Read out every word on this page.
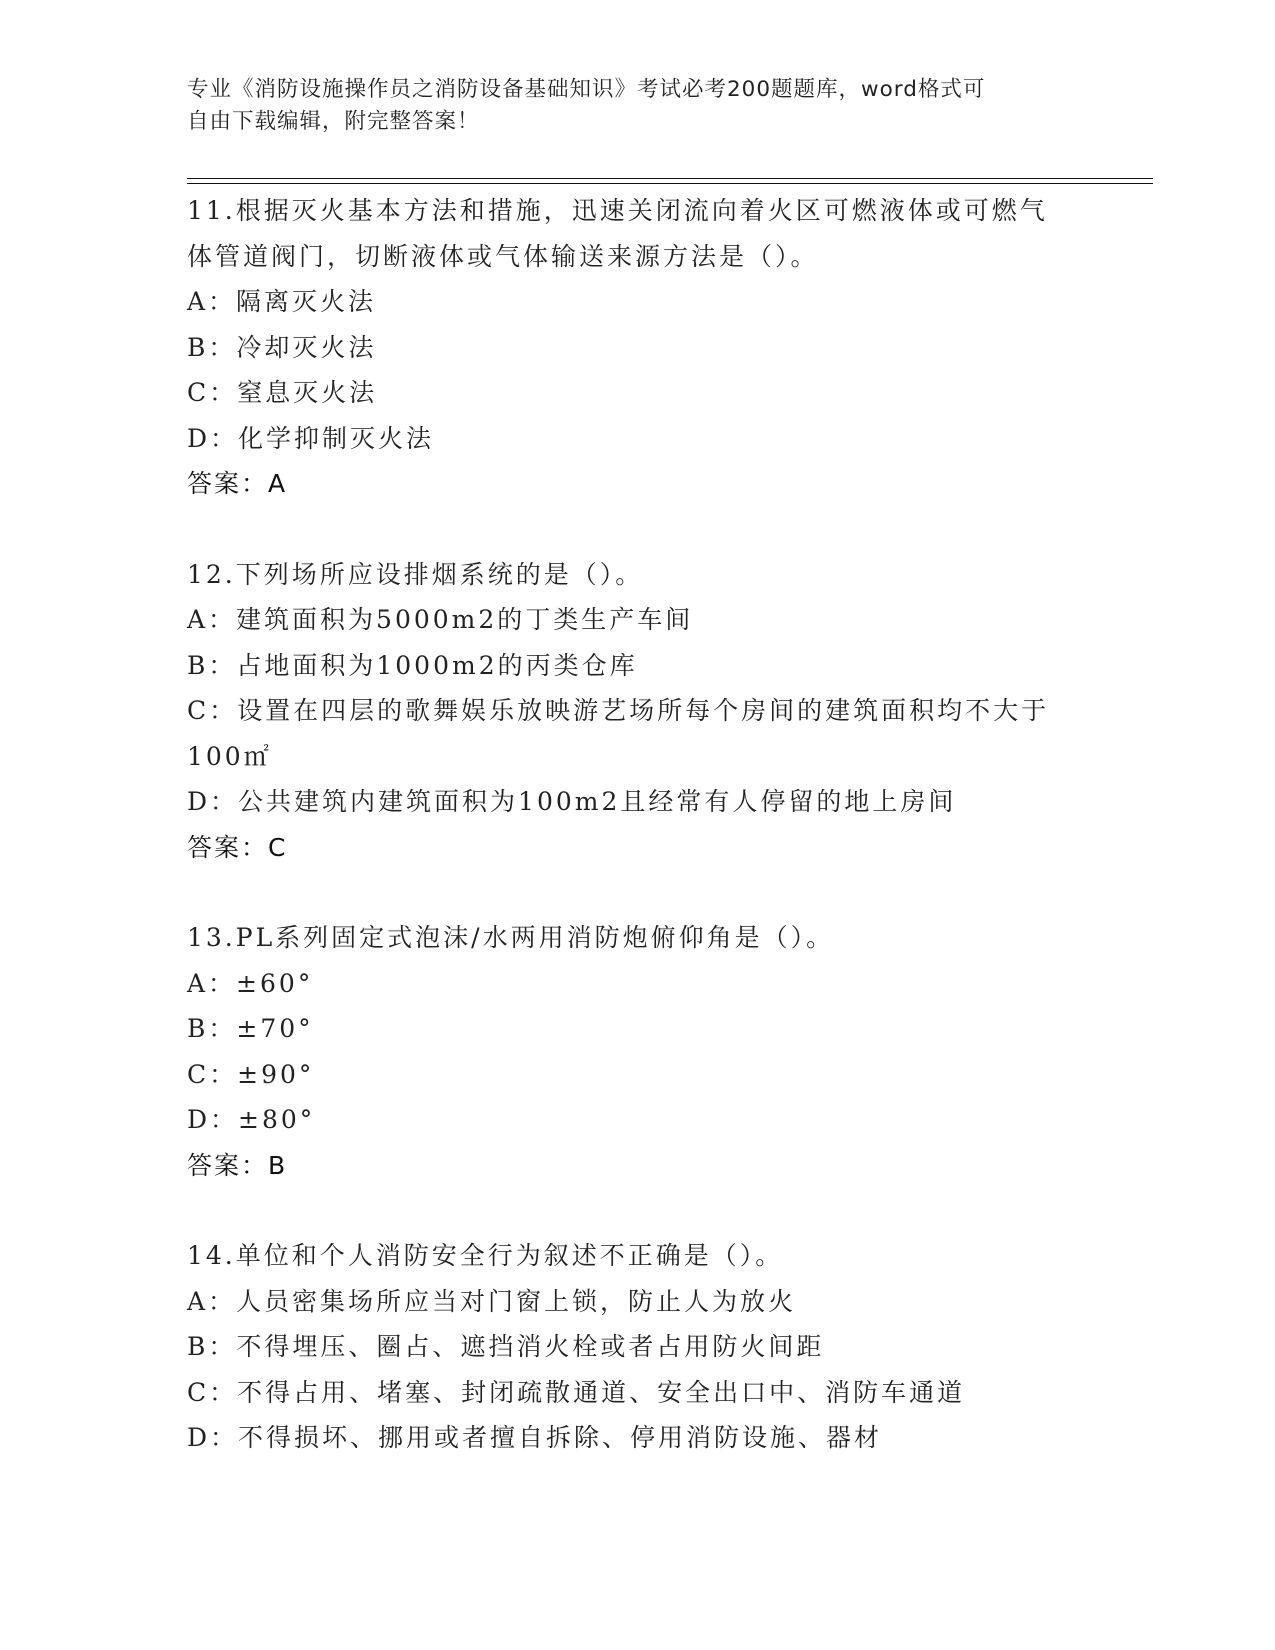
专业《消防设施操作员之消防设备基础知识》考试必考200题题库，word格式可
自由下载编辑，附完整答案！
11.根据灭火基本方法和措施，迅速关闭流向着火区可燃液体或可燃气
体管道阀门，切断液体或气体输送来源方法是（）。
A：隔离灭火法
B：冷却灭火法
C：窒息灭火法
D：化学抑制灭火法
答案：A
12.下列场所应设排烟系统的是（）。
A：建筑面积为5000m2的丁类生产车间
B：占地面积为1000m2的丙类仓库
C：设置在四层的歌舞娱乐放映游艺场所每个房间的建筑面积均不大于
100㎡
D：公共建筑内建筑面积为100m2且经常有人停留的地上房间
答案：C
13.PL系列固定式泡沫/水两用消防炮俯仰角是（）。
A：±60°
B：±70°
C：±90°
D：±80°
答案：B
14.单位和个人消防安全行为叙述不正确是（）。
A：人员密集场所应当对门窗上锁，防止人为放火
B：不得埋压、圈占、遮挡消火栓或者占用防火间距
C：不得占用、堵塞、封闭疏散通道、安全出口中、消防车通道
D：不得损坏、挪用或者擅自拆除、停用消防设施、器材
